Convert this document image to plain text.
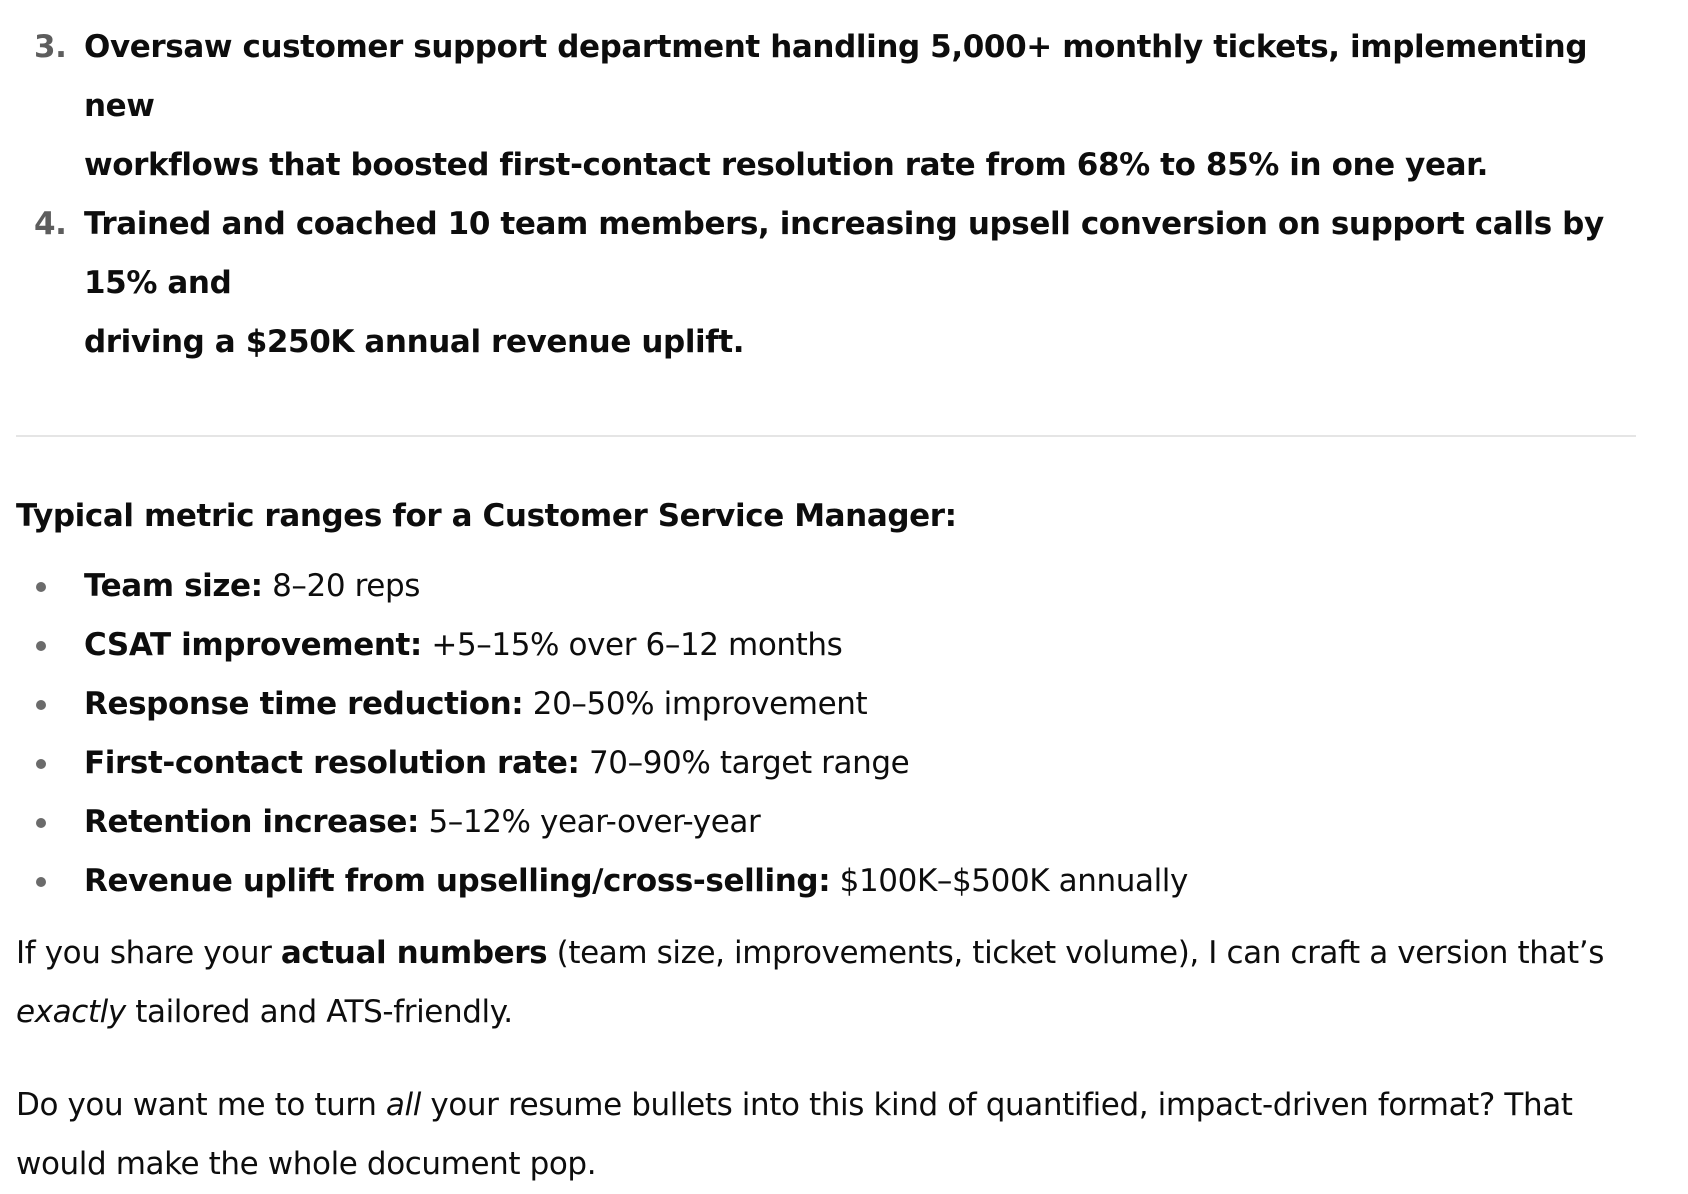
3. Oversaw customer support department handling 5,000+ monthly tickets, implementing new
workflows that boosted first-contact resolution rate from 68% to 85% in one year.
4. Trained and coached 10 team members, increasing upsell conversion on support calls by 15% and
driving a $250K annual revenue uplift.
Typical metric ranges for a Customer Service Manager:
Team size: 8–20 reps
CSAT improvement: +5–15% over 6–12 months
Response time reduction: 20–50% improvement
First-contact resolution rate: 70–90% target range
Retention increase: 5–12% year-over-year
Revenue uplift from upselling/cross-selling: $100K–$500K annually

If you share your actual numbers (team size, improvements, ticket volume), I can craft a version that’s
exactly tailored and ATS-friendly.

Do you want me to turn all your resume bullets into this kind of quantified, impact-driven format? That
would make the whole document pop.
